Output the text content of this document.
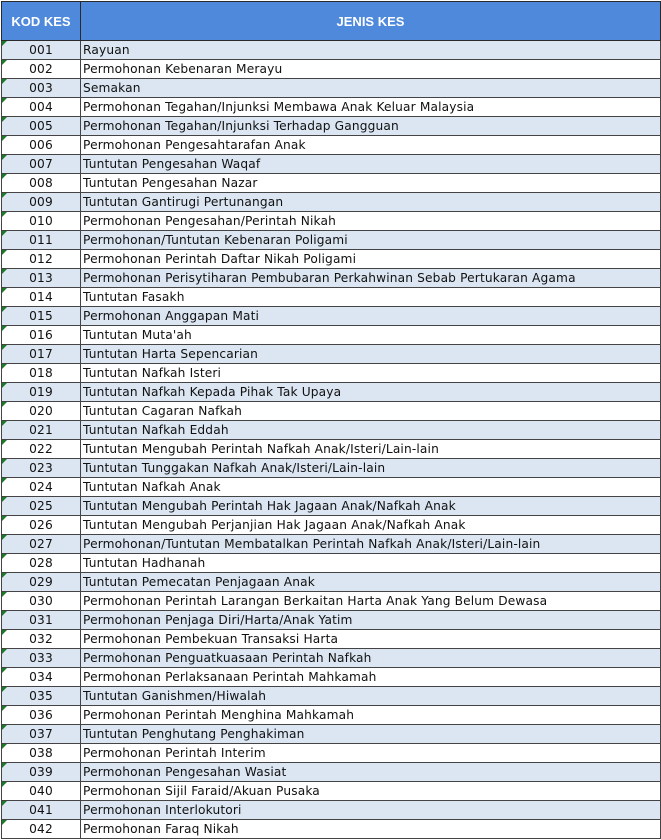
KOD KES	JENIS KES

001	Rayuan

002	Permohonan Kebenaran Merayu

003	Semakan

004	Permohonan Tegahan/Injunksi Membawa Anak Keluar Malaysia

005	Permohonan Tegahan/Injunksi Terhadap Gangguan

006	Permohonan Pengesahtarafan Anak

007	Tuntutan Pengesahan Waqaf

008	Tuntutan Pengesahan Nazar

009	Tuntutan Gantirugi Pertunangan

010	Permohonan Pengesahan/Perintah Nikah

011	Permohonan/Tuntutan Kebenaran Poligami

012	Permohonan Perintah Daftar Nikah Poligami

013	Permohonan Perisytiharan Pembubaran Perkahwinan Sebab Pertukaran Agama

014	Tuntutan Fasakh

015	Permohonan Anggapan Mati

016	Tuntutan Muta'ah

017	Tuntutan Harta Sepencarian

018	Tuntutan Nafkah Isteri

019	Tuntutan Nafkah Kepada Pihak Tak Upaya

020	Tuntutan Cagaran Nafkah

021	Tuntutan Nafkah Eddah

022	Tuntutan Mengubah Perintah Nafkah Anak/Isteri/Lain-lain

023	Tuntutan Tunggakan Nafkah Anak/Isteri/Lain-lain

024	Tuntutan Nafkah Anak

025	Tuntutan Mengubah Perintah Hak Jagaan Anak/Nafkah Anak

026	Tuntutan Mengubah Perjanjian Hak Jagaan Anak/Nafkah Anak

027	Permohonan/Tuntutan Membatalkan Perintah Nafkah Anak/Isteri/Lain-lain

028	Tuntutan Hadhanah

029	Tuntutan Pemecatan Penjagaan Anak

030	Permohonan Perintah Larangan Berkaitan Harta Anak Yang Belum Dewasa

031	Permohonan Penjaga Diri/Harta/Anak Yatim

032	Permohonan Pembekuan Transaksi Harta

033	Permohonan Penguatkuasaan Perintah Nafkah

034	Permohonan Perlaksanaan Perintah Mahkamah

035	Tuntutan Ganishmen/Hiwalah

036	Permohonan Perintah Menghina Mahkamah

037	Tuntutan Penghutang Penghakiman

038	Permohonan Perintah Interim

039	Permohonan Pengesahan Wasiat

040	Permohonan Sijil Faraid/Akuan Pusaka

041	Permohonan Interlokutori

042	Permohonan Faraq Nikah
